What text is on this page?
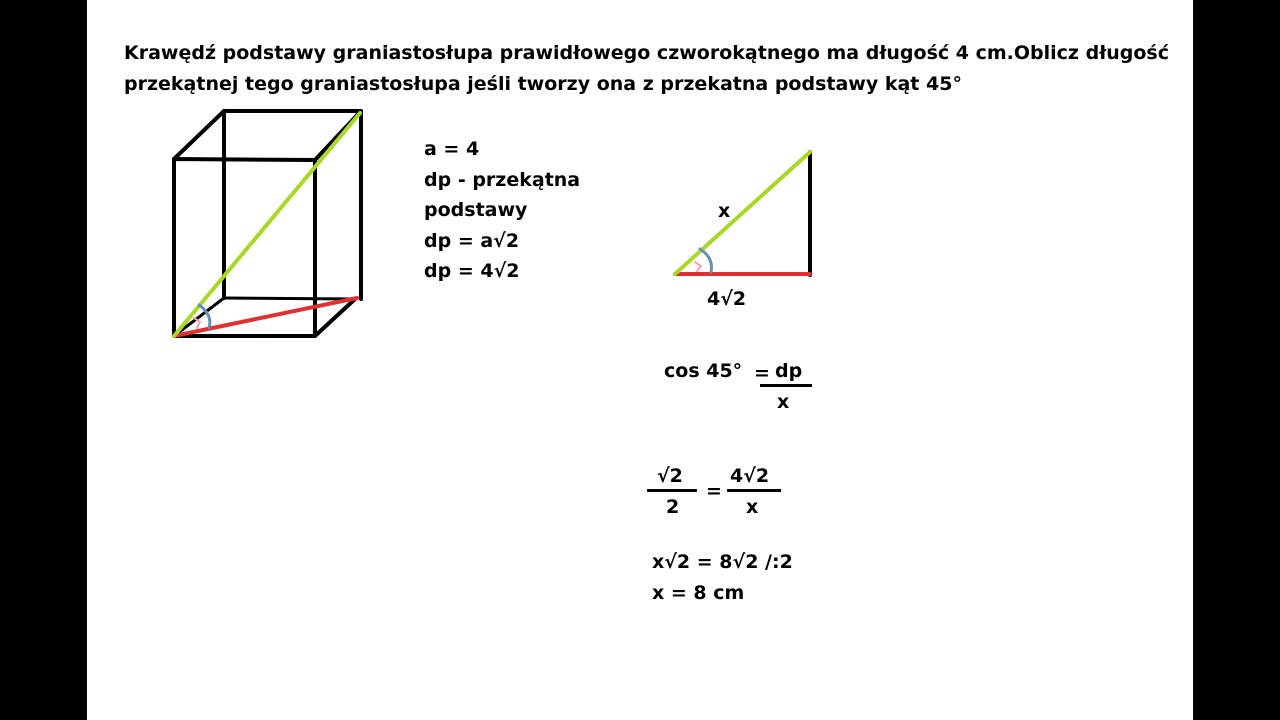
Krawędź podstawy graniastosłupa prawidłowego czworokątnego ma długość 4 cm.Oblicz długość
przekątnej tego graniastosłupa jeśli tworzy ona z przekatna podstawy kąt 45°
a = 4
dp - przekątna
podstawy
dp = a√2
dp = 4√2
x
4√2
cos 45° = dp
x
√2
2
=
4√2
x
x√2 = 8√2 /:2
x = 8 cm
